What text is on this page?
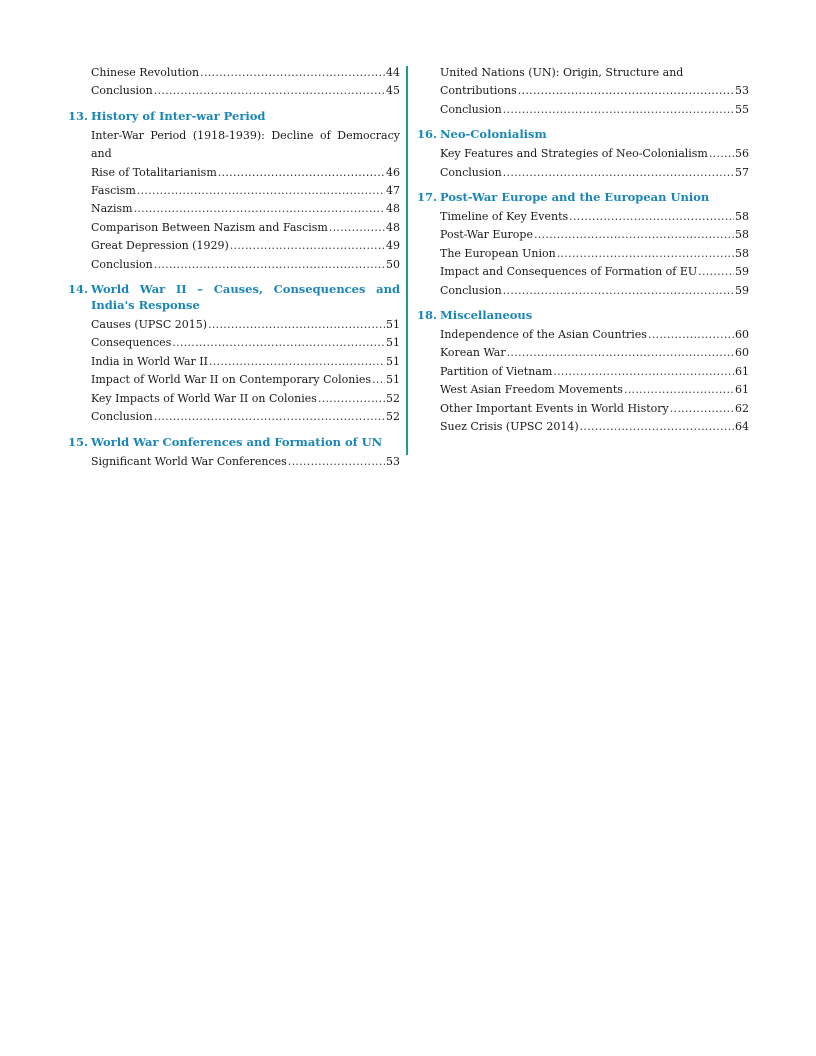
Chinese Revolution .....	44
Conclusion .....	45
13. History of Inter-war Period
Inter-War Period (1918-1939): Decline of Democracy and
Rise of Totalitarianism .....	46
Fascism .....	47
Nazism .....	48
Comparison Between Nazism and Fascism .....	48
Great Depression (1929) .....	49
Conclusion .....	50
14. World War II – Causes, Consequences and India's Response
Causes (UPSC 2015) .....	51
Consequences .....	51
India in World War II .....	51
Impact of World War II on Contemporary Colonies ..... 51
Key Impacts of World War II on Colonies .....	52
Conclusion .....	52
15. World War Conferences and Formation of UN
Significant World War Conferences .....	53
United Nations (UN): Origin, Structure and
Contributions .....	53
Conclusion .....	55
16. Neo-Colonialism
Key Features and Strategies of Neo-Colonialism ..... 56
Conclusion .....	57
17. Post-War Europe and the European Union
Timeline of Key Events .....	58
Post-War Europe .....	58
The European Union .....	58
Impact and Consequences of Formation of EU .....	59
Conclusion .....	59
18. Miscellaneous
Independence of the Asian Countries .....	60
Korean War .....	60
Partition of Vietnam .....	61
West Asian Freedom Movements .....	61
Other Important Events in World History .....	62
Suez Crisis (UPSC 2014) .....	64
